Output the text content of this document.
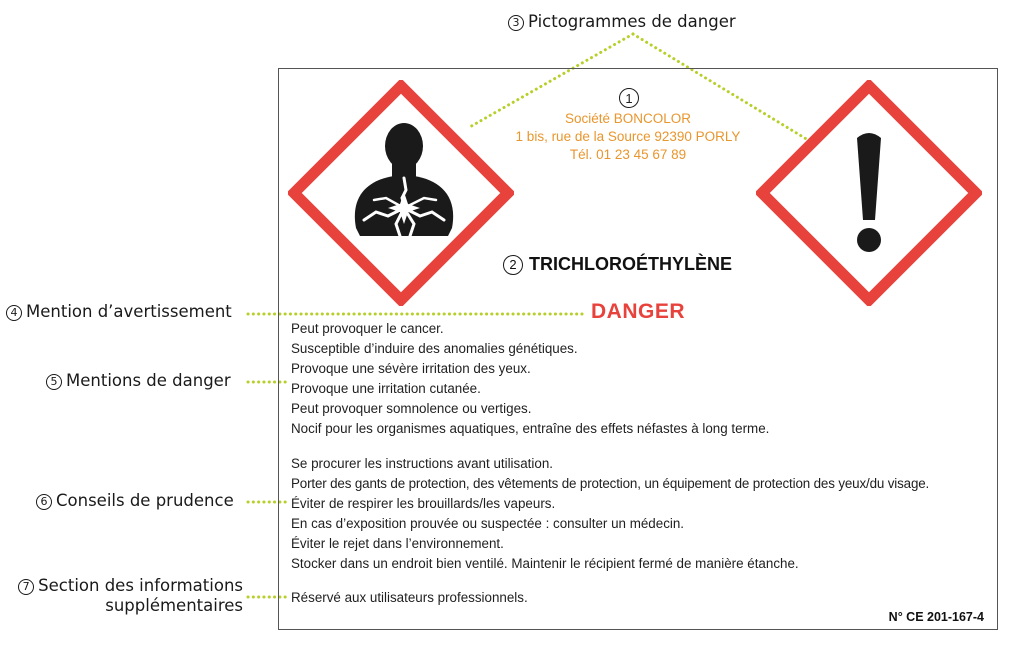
3 Pictogrammes de danger
4 Mention d’avertissement
5 Mentions de danger
6 Conseils de prudence
7 Section des informations
supplémentaires
1
Société BONCOLOR
1 bis, rue de la Source 92390 PORLY
Tél. 01 23 45 67 89
2 TRICHLOROÉTHYLÈNE
DANGER
Peut provoquer le cancer.
Susceptible d’induire des anomalies génétiques.
Provoque une sévère irritation des yeux.
Provoque une irritation cutanée.
Peut provoquer somnolence ou vertiges.
Nocif pour les organismes aquatiques, entraîne des effets néfastes à long terme.
Se procurer les instructions avant utilisation.
Porter des gants de protection, des vêtements de protection, un équipement de protection des yeux/du visage.
Éviter de respirer les brouillards/les vapeurs.
En cas d’exposition prouvée ou suspectée : consulter un médecin.
Éviter le rejet dans l’environnement.
Stocker dans un endroit bien ventilé. Maintenir le récipient fermé de manière étanche.
Réservé aux utilisateurs professionnels.
N° CE 201-167-4
